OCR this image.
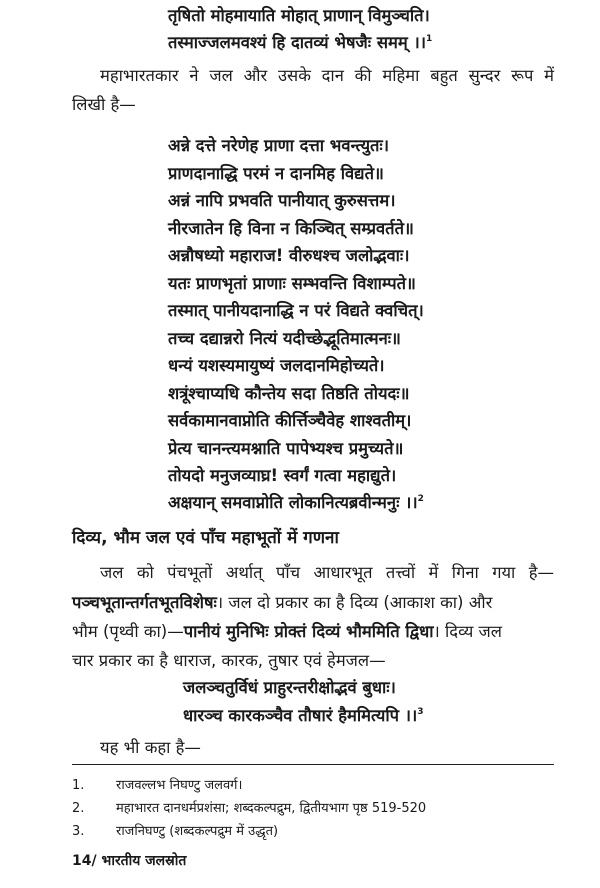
तृषितो मोहमायाति मोहात् प्राणान् विमुञ्चति।
तस्माज्जलमवश्यं हि दातव्यं भेषजैः समम् ।।$^1$
महाभारतकार ने जल और उसके दान की महिमा बहुत सुन्दर रूप में
लिखी है—
अन्ने दत्ते नरेणेह प्राणा दत्ता भवन्त्युतः।
प्राणदानाद्धि परमं न दानमिह विद्यते॥
अन्नं नापि प्रभवति पानीयात् कुरुसत्तम।
नीरजातेन हि विना न किञ्चित् सम्प्रवर्तते॥
अन्नौषध्यो महाराज! वीरुधश्च जलोद्भवाः।
यतः प्राणभृतां प्राणाः सम्भवन्ति विशाम्पते॥
तस्मात् पानीयदानाद्धि न परं विद्यते क्वचित्।
तच्च दद्यान्नरो नित्यं यदीच्छेद्भूतिमात्मनः॥
धन्यं यशस्यमायुष्यं जलदानमिहोच्यते।
शत्रूंश्चाप्यधि कौन्तेय सदा तिष्ठति तोयदः॥
सर्वकामानवाप्नोति कीर्त्तिञ्चैवेह शाश्वतीम्।
प्रेत्य चानन्त्यमश्नाति पापेभ्यश्च प्रमुच्यते॥
तोयदो मनुजव्याघ्र! स्वर्गं गत्वा महाद्युते।
अक्षयान् समवाप्नोति लोकानित्यब्रवीन्मनुः ।।$^2$
दिव्य, भौम जल एवं पाँच महाभूतों में गणना
जल को पंचभूतों अर्थात् पाँच आधारभूत तत्त्वों में गिना गया है—
पञ्चभूतान्तर्गतभूतविशेषः। जल दो प्रकार का है दिव्य (आकाश का) और
भौम (पृथ्वी का)—पानीयं मुनिभिः प्रोक्तं दिव्यं भौममिति द्विधा। दिव्य जल
चार प्रकार का है धाराज, कारक, तुषार एवं हेमजल—
जलञ्चतुर्विधं प्राहुरन्तरीक्षोद्भवं बुधाः।
धारञ्च कारकञ्चैव तौषारं हैममित्यपि ।।$^3$
यह भी कहा है—
1. राजवल्लभ निघण्टु जलवर्ग।
2. महाभारत दानधर्मप्रशंसा; शब्दकल्पद्रुम, द्वितीयभाग पृष्ठ 519-520
3. राजनिघण्टु (शब्दकल्पद्रुम में उद्धृत)
14/ भारतीय जलस्रोत
